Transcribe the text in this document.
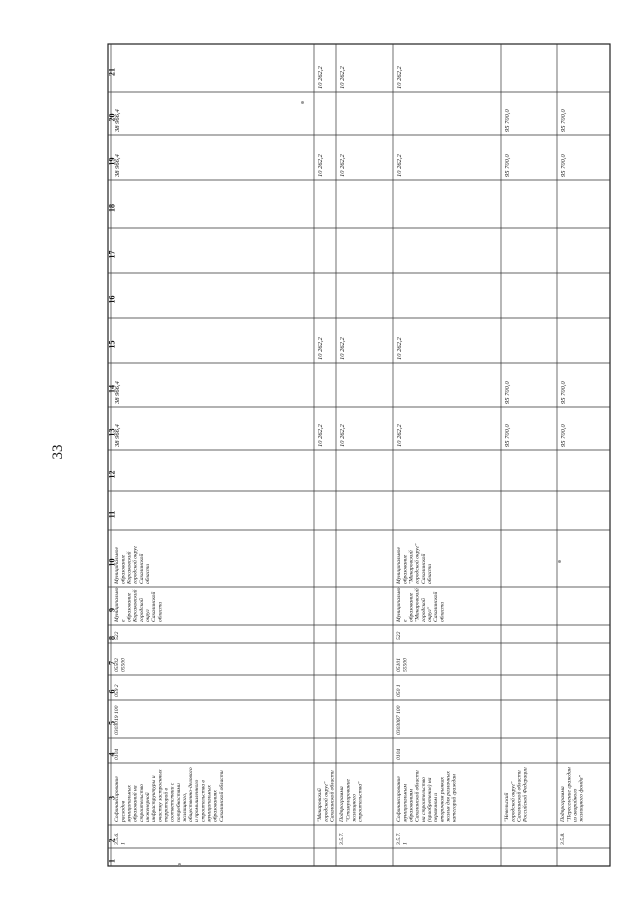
33
1
2
3
4
5
6
7
8
9
10
11
12
13
14
15
16
17
18
19
20
21
3.5.6. 1
Софинансирование расходов муниципальных образований на строительство инженерной инфраструктуры и очистку застроенных территорий в соответствии с потребностями жилищного, общественно-делового и промышленного строительства в муниципальных образованиях Сахалинской области
0104
0303019 100
059 2
05502 05500
522
Муниципально е образование Корсаковский городской округ Сахалинской области
Муниципальное образование Корсаковский городской округ Сахалинской области
38 966,4
38 966,4
38 966,4
38 966,4
"Макаровский городской округ" Сахалинской области
10 262,2
10 262,2
10 262,2
10 262,2
3.5.7.
Подпрограмма "Стимулирование жилищного строительства"
10 262,2
10 262,2
10 262,2
10 262,2
3.5.7. 1
Софинансирование муниципальным образованиям Сахалинской области на строительство (приобретение) на первичном и вторичном рынках жилья для различных категорий граждан
0104
0303087 100
050 1
05101 55500
522
Муниципально е образование "Макаровский городской округ" Сахалинской области
Муниципальное образование "Макаровский городской округ" Сахалинской области
10 262,2
10 262,2
10 262,2
10 262,2
"Невельский городской округ" Сахалинской области Российской Федерации
95 700,0
95 700,0
95 700,0
95 700,0
3.5.8.
Подпрограмма "Переселение граждан из аварийного жилищного фонда"
95 700,0
95 700,0
95 700,0
95 700,0
